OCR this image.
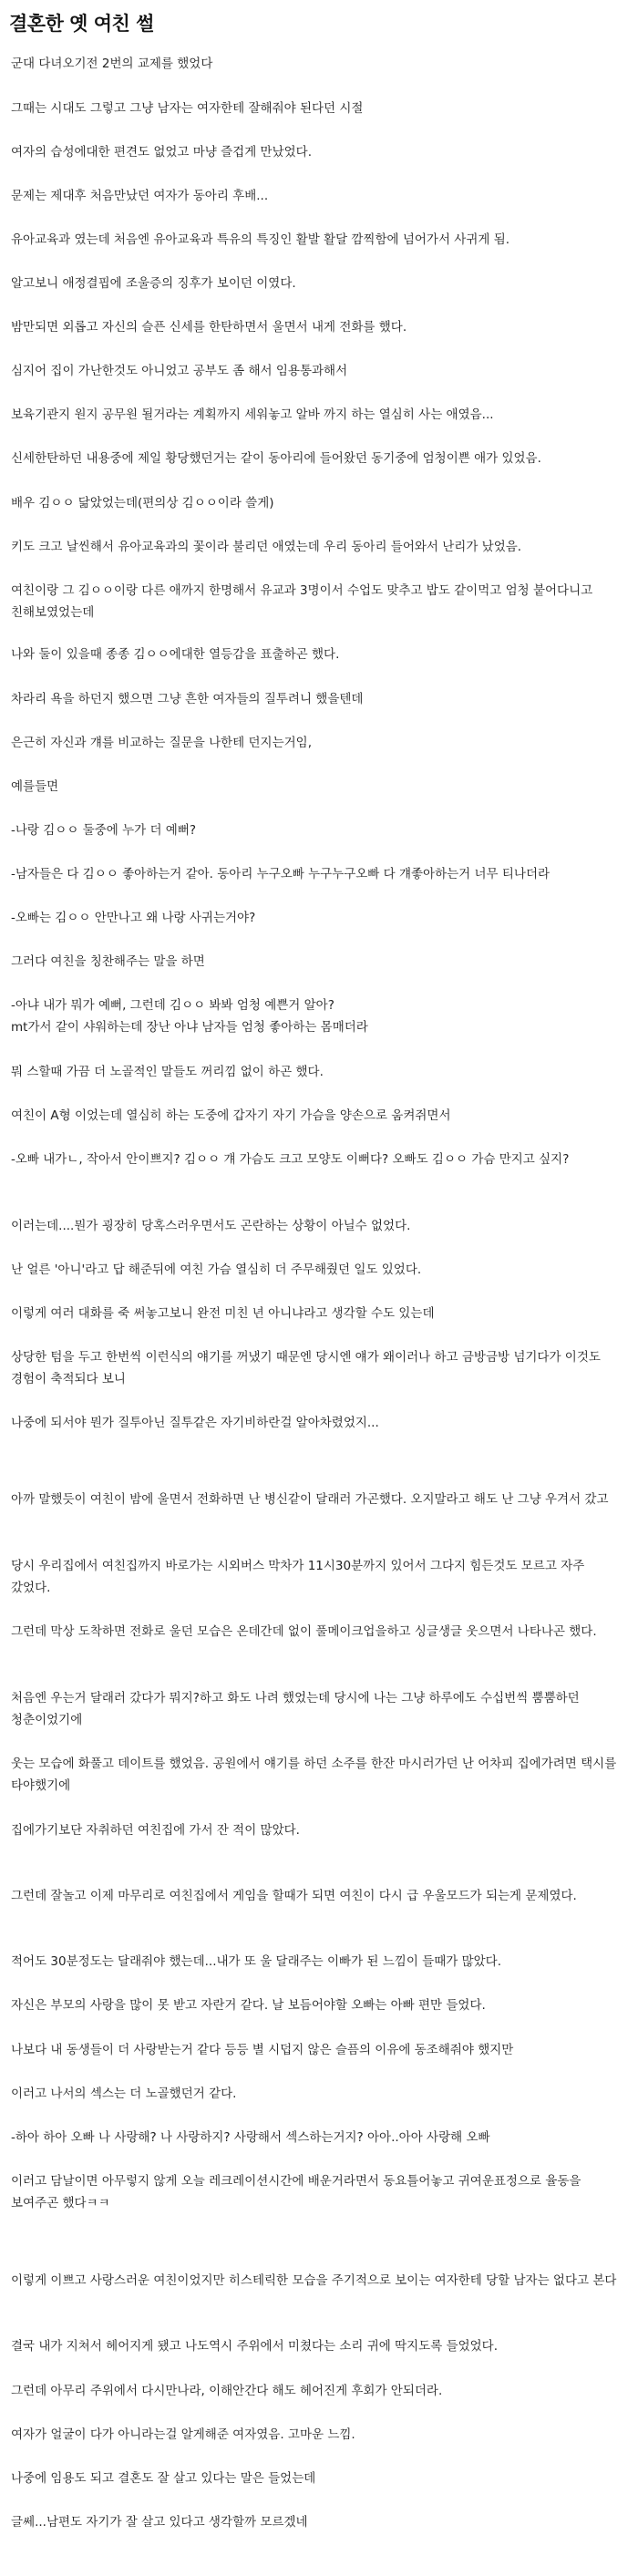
결혼한 옛 여친 썰
군대 다녀오기전 2번의 교제를 했었다
그때는 시대도 그렇고 그냥 남자는 여자한테 잘해줘야 된다던 시절
여자의 습성에대한 편견도 없었고 마냥 즐겁게 만났었다.
문제는 제대후 처음만났던 여자가 동아리 후배...
유아교육과 였는데 처음엔 유아교육과 특유의 특징인 활발 활달 깜찍함에 넘어가서 사귀게 됨.
알고보니 애정결핍에 조울증의 징후가 보이던 이였다.
밤만되면 외롭고 자신의 슬픈 신세를 한탄하면서 울면서 내게 전화를 했다.
심지어 집이 가난한것도 아니었고 공부도 좀 해서 임용통과해서
보육기관지 원지 공무원 될거라는 계획까지 세워놓고 알바 까지 하는 열심히 사는 애였음...
신세한탄하던 내용중에 제일 황당했던거는 같이 동아리에 들어왔던 동기중에 엄청이쁜 애가 있었음.
배우 김ㅇㅇ 닮았었는데(편의상 김ㅇㅇ이라 쓸게)
키도 크고 날씬해서 유아교육과의 꽃이라 불리던 애였는데 우리 동아리 들어와서 난리가 났었음.
여친이랑 그 김ㅇㅇ이랑 다른 애까지 한명해서 유교과 3명이서 수업도 맞추고 밥도 같이먹고 엄청 붙어다니고 친해보였었는데
나와 둘이 있을때 종종 김ㅇㅇ에대한 열등감을 표출하곤 했다.
차라리 욕을 하던지 했으면 그냥 흔한 여자들의 질투려니 했을텐데
은근히 자신과 걔를 비교하는 질문을 나한테 던지는거임,
예를들면
-나랑 김ㅇㅇ 둘중에 누가 더 예뻐?
-남자들은 다 김ㅇㅇ 좋아하는거 같아. 동아리 누구오빠 누구누구오빠 다 걔좋아하는거 너무 티나더라
-오빠는 김ㅇㅇ 안만나고 왜 나랑 사귀는거야?
그러다 여친을 칭찬해주는 말을 하면
-아냐 내가 뭐가 예뻐, 그런데 김ㅇㅇ 봐봐 엄청 예쁜거 알아?
mt가서 같이 샤워하는데 장난 아냐 남자들 엄청 좋아하는 몸매더라
뭐 스할때 가끔 더 노골적인 말들도 꺼리낌 없이 하곤 했다.
여친이 A형 이었는데 열심히 하는 도중에 갑자기 자기 가슴을 양손으로 움켜쥐면서
-오빠 내가ㄴ, 작아서 안이쁘지? 김ㅇㅇ 걔 가슴도 크고 모양도 이뻐다? 오빠도 김ㅇㅇ 가슴 만지고 싶지?
이러는데....뭔가 굉장히 당혹스러우면서도 곤란하는 상황이 아닐수 없었다.
난 얼른 '아니'라고 답 해준뒤에 여친 가슴 열심히 더 주무해줬던 일도 있었다.
이렇게 여러 대화를 죽 써놓고보니 완전 미친 년 아니냐라고 생각할 수도 있는데
상당한 텀을 두고 한번씩 이런식의 얘기를 꺼냈기 때문엔 당시엔 얘가 왜이러나 하고 금방금방 넘기다가 이것도 경험이 축적되다 보니
나중에 되서야 뭔가 질투아닌 질투같은 자기비하란걸 알아차렸었지...
아까 말했듯이 여친이 밤에 울면서 전화하면 난 병신같이 달래러 가곤했다. 오지말라고 해도 난 그냥 우겨서 갔고
당시 우리집에서 여친집까지 바로가는 시외버스 막차가 11시30분까지 있어서 그다지 힘든것도 모르고 자주 갔었다.
그런데 막상 도착하면 전화로 울던 모습은 온데간데 없이 풀메이크업을하고 싱글생글 웃으면서 나타나곤 했다.
처음엔 우는거 달래러 갔다가 뭐지?하고 화도 나려 했었는데 당시에 나는 그냥 하루에도 수십번씩 뿜뿜하던 청춘이었기에
웃는 모습에 화풀고 데이트를 했었음. 공원에서 얘기를 하던 소주를 한잔 마시러가던 난 어차피 집에가려면 택시를 타야했기에
집에가기보단 자취하던 여친집에 가서 잔 적이 많았다.
그런데 잘놀고 이제 마무리로 여친집에서 게임을 할때가 되면 여친이 다시 급 우울모드가 되는게 문제였다.
적어도 30분정도는 달래줘야 했는데...내가 또 울 달래주는 이빠가 된 느낌이 들때가 많았다.
자신은 부모의 사랑을 많이 못 받고 자란거 같다. 날 보듬어야할 오빠는 아빠 편만 들었다.
나보다 내 동생들이 더 사랑받는거 같다 등등 별 시덥지 않은 슬픔의 이유에 동조해줘야 했지만
이러고 나서의 섹스는 더 노골했던거 같다.
-하아 하아 오빠 나 사랑해? 나 사랑하지? 사랑해서 섹스하는거지? 아아..아아 사랑해 오빠
이러고 담날이면 아무렇지 않게 오늘 레크레이션시간에 배운거라면서 동요틀어놓고 귀여운표정으로 율동을 보여주곤 했다ㅋㅋ
이렇게 이쁘고 사랑스러운 여친이었지만 히스테릭한 모습을 주기적으로 보이는 여자한테 당할 남자는 없다고 본다
결국 내가 지쳐서 헤어지게 됐고 나도역시 주위에서 미쳤다는 소리 귀에 딱지도록 들었었다.
그런데 아무리 주위에서 다시만나라, 이해안간다 해도 헤어진게 후회가 안되더라.
여자가 얼굴이 다가 아니라는걸 알게해준 여자였음. 고마운 느낌.
나중에 임용도 되고 결혼도 잘 살고 있다는 말은 들었는데
글쎄...남편도 자기가 잘 살고 있다고 생각할까 모르겠네
